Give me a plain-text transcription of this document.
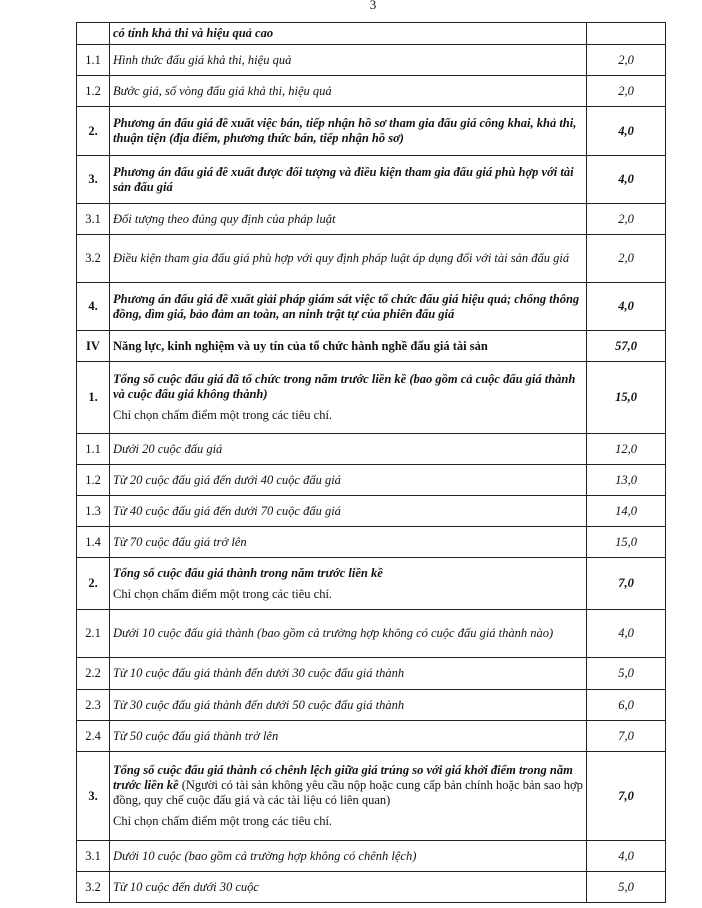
3
	có tính khả thi và hiệu quả cao	
1.1	Hình thức đấu giá khả thi, hiệu quả	2,0
1.2	Bước giá, số vòng đấu giá khả thi, hiệu quả	2,0
2.	Phương án đấu giá đề xuất việc bán, tiếp nhận hồ sơ tham gia đấu giá công khai, khả thi, thuận tiện (địa điểm, phương thức bán, tiếp nhận hồ sơ)	4,0
3.	Phương án đấu giá đề xuất được đối tượng và điều kiện tham gia đấu giá phù hợp với tài sản đấu giá	4,0
3.1	Đối tượng theo đúng quy định của pháp luật	2,0
3.2	Điều kiện tham gia đấu giá phù hợp với quy định pháp luật áp dụng đối với tài sản đấu giá	2,0
4.	Phương án đấu giá đề xuất giải pháp giám sát việc tổ chức đấu giá hiệu quả; chống thông đồng, dìm giá, bảo đảm an toàn, an ninh trật tự của phiên đấu giá	4,0
IV	Năng lực, kinh nghiệm và uy tín của tổ chức hành nghề đấu giá tài sản	57,0
1.	Tổng số cuộc đấu giá đã tổ chức trong năm trước liền kề (bao gồm cả cuộc đấu giá thành và cuộc đấu giá không thành)
Chỉ chọn chấm điểm một trong các tiêu chí.	15,0
1.1	Dưới 20 cuộc đấu giá	12,0
1.2	Từ 20 cuộc đấu giá đến dưới 40 cuộc đấu giá	13,0
1.3	Từ 40 cuộc đấu giá đến dưới 70 cuộc đấu giá	14,0
1.4	Từ 70 cuộc đấu giá trở lên	15,0
2.	Tổng số cuộc đấu giá thành trong năm trước liền kề
Chỉ chọn chấm điểm một trong các tiêu chí.	7,0
2.1	Dưới 10 cuộc đấu giá thành (bao gồm cả trường hợp không có cuộc đấu giá thành nào)	4,0
2.2	Từ 10 cuộc đấu giá thành đến dưới 30 cuộc đấu giá thành	5,0
2.3	Từ 30 cuộc đấu giá thành đến dưới 50 cuộc đấu giá thành	6,0
2.4	Từ 50 cuộc đấu giá thành trở lên	7,0
3.	Tổng số cuộc đấu giá thành có chênh lệch giữa giá trúng so với giá khởi điểm trong năm trước liền kề (Người có tài sản không yêu cầu nộp hoặc cung cấp bản chính hoặc bản sao hợp đồng, quy chế cuộc đấu giá và các tài liệu có liên quan)
Chỉ chọn chấm điểm một trong các tiêu chí.	7,0
3.1	Dưới 10 cuộc (bao gồm cả trường hợp không có chênh lệch)	4,0
3.2	Từ 10 cuộc đến dưới 30 cuộc	5,0
